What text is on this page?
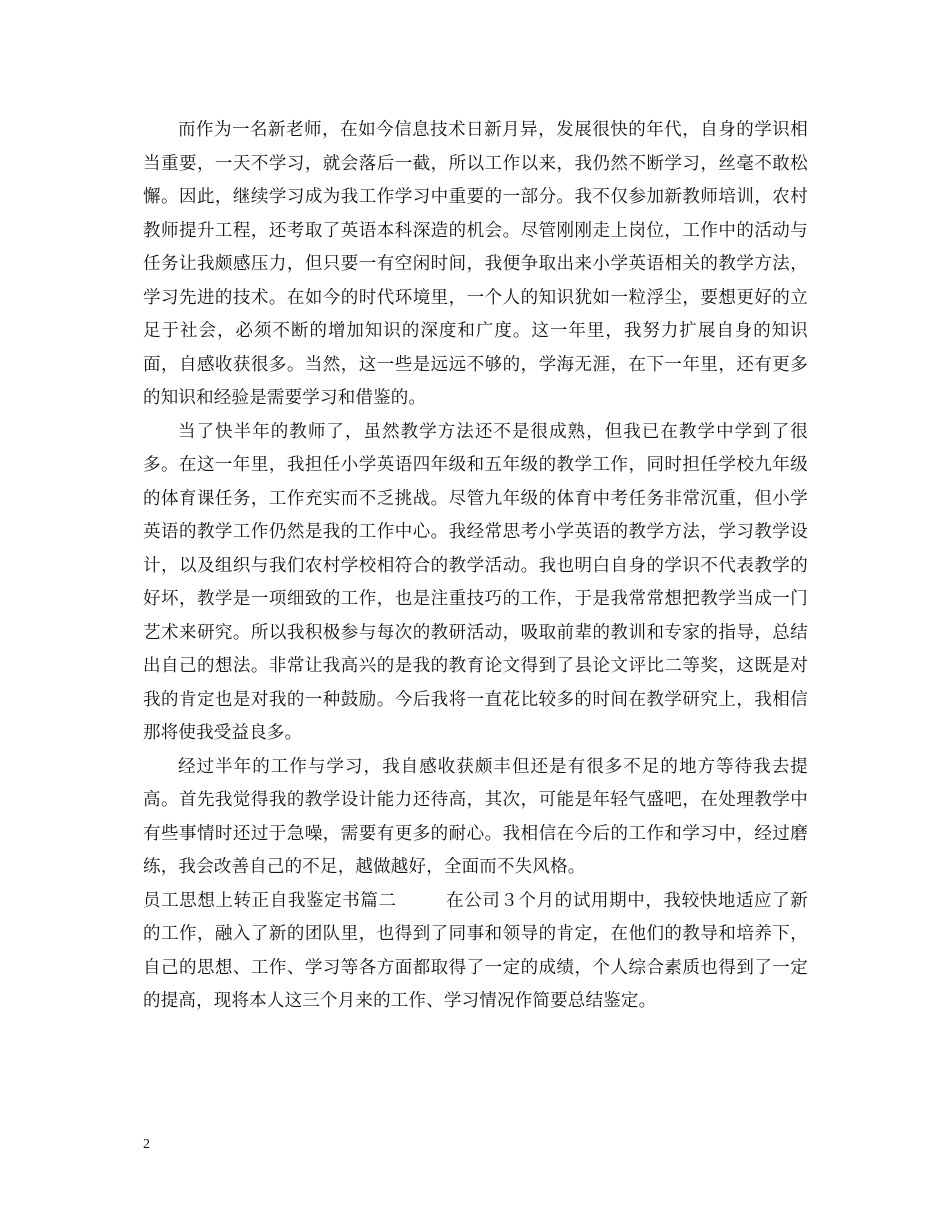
而作为一名新老师，在如今信息技术日新月异，发展很快的年代，自身的学识相当重要，一天不学习，就会落后一截，所以工作以来，我仍然不断学习，丝毫不敢松懈。因此，继续学习成为我工作学习中重要的一部分。我不仅参加新教师培训，农村教师提升工程，还考取了英语本科深造的机会。尽管刚刚走上岗位，工作中的活动与任务让我颇感压力，但只要一有空闲时间，我便争取出来小学英语相关的教学方法，学习先进的技术。在如今的时代环境里，一个人的知识犹如一粒浮尘，要想更好的立足于社会，必须不断的增加知识的深度和广度。这一年里，我努力扩展自身的知识面，自感收获很多。当然，这一些是远远不够的，学海无涯，在下一年里，还有更多的知识和经验是需要学习和借鉴的。

当了快半年的教师了，虽然教学方法还不是很成熟，但我已在教学中学到了很多。在这一年里，我担任小学英语四年级和五年级的教学工作，同时担任学校九年级的体育课任务，工作充实而不乏挑战。尽管九年级的体育中考任务非常沉重，但小学英语的教学工作仍然是我的工作中心。我经常思考小学英语的教学方法，学习教学设计，以及组织与我们农村学校相符合的教学活动。我也明白自身的学识不代表教学的好坏，教学是一项细致的工作，也是注重技巧的工作，于是我常常想把教学当成一门艺术来研究。所以我积极参与每次的教研活动，吸取前辈的教训和专家的指导，总结出自己的想法。非常让我高兴的是我的教育论文得到了县论文评比二等奖，这既是对我的肯定也是对我的一种鼓励。今后我将一直花比较多的时间在教学研究上，我相信那将使我受益良多。

经过半年的工作与学习，我自感收获颇丰但还是有很多不足的地方等待我去提高。首先我觉得我的教学设计能力还待高，其次，可能是年轻气盛吧，在处理教学中有些事情时还过于急噪，需要有更多的耐心。我相信在今后的工作和学习中，经过磨练，我会改善自己的不足，越做越好，全面而不失风格。

员工思想上转正自我鉴定书篇二	在公司３个月的试用期中，我较快地适应了新的工作，融入了新的团队里，也得到了同事和领导的肯定，在他们的教导和培养下，自己的思想、工作、学习等各方面都取得了一定的成绩，个人综合素质也得到了一定的提高，现将本人这三个月来的工作、学习情况作简要总结鉴定。

2
